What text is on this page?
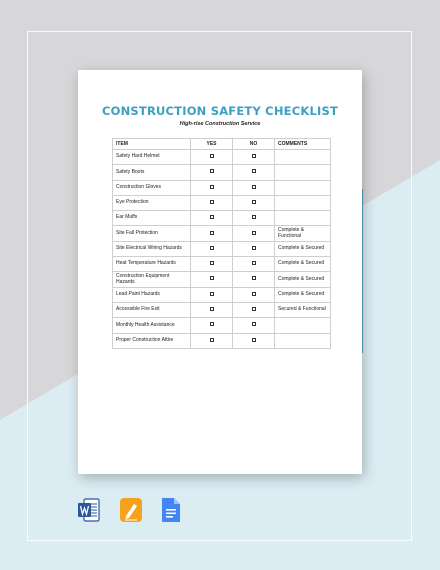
CONSTRUCTION SAFETY CHECKLIST
High-rise Construction Service
ITEM	YES	NO	COMMENTS
Safety Hard Helmet			
Safety Boots			
Construction Gloves			
Eye Protection			
Ear Muffs			
Site Fall Protection			Complete & Functional
Site Electrical Wiring Hazards			Complete & Secured
Heat Temperature Hazards			Complete & Secured
Construction Equipment Hazards			Complete & Secured
Lead Paint Hazards			Complete & Secured
Accessible Fire Exit			Secured & Functional
Monthly Health Assistance			
Proper Construction Attire			
